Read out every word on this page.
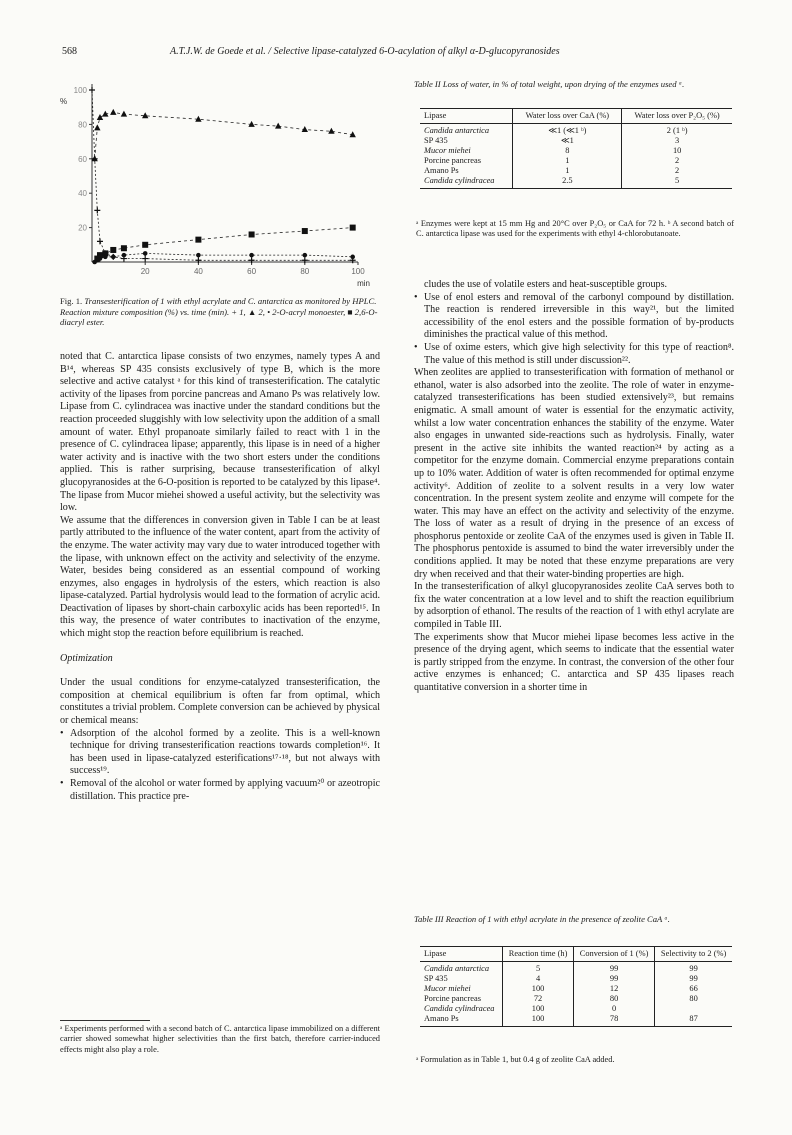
568	A.T.J.W. de Goede et al. / Selective lipase-catalyzed 6-O-acylation of alkyl α-D-glucopyranosides
20	40	60	80	100
20
40
60
80
100
min
%
Fig. 1. Transesterification of 1 with ethyl acrylate and C. antarctica as monitored by HPLC. Reaction mixture composition (%) vs. time (min). + 1, ▲ 2, • 2-O-acryl monoester, ■ 2,6-O-diacryl ester.

noted that C. antarctica lipase consists of two enzymes, namely types A and B¹⁴, whereas SP 435 consists exclusively of type B, which is the more selective and active catalyst ᵃ for this kind of transesterification. The catalytic activity of the lipases from porcine pancreas and Amano Ps was relatively low. Lipase from C. cylindracea was inactive under the standard conditions but the reaction proceeded sluggishly with low selectivity upon the addition of a small amount of water. Ethyl propanoate similarly failed to react with 1 in the presence of C. cylindracea lipase; apparently, this lipase is in need of a higher water activity and is inactive with the two short esters under the conditions applied. This is rather surprising, because transesterification of alkyl glucopyranosides at the 6-O-position is reported to be catalyzed by this lipase⁴. The lipase from Mucor miehei showed a useful activity, but the selectivity was low.

We assume that the differences in conversion given in Table I can be at least partly attributed to the influence of the water content, apart from the activity of the enzyme. The water activity may vary due to water introduced together with the lipase, with unknown effect on the activity and selectivity of the enzyme. Water, besides being considered as an essential compound of working enzymes, also engages in hydrolysis of the esters, which reaction is also lipase-catalyzed. Partial hydrolysis would lead to the formation of acrylic acid. Deactivation of lipases by short-chain carboxylic acids has been reported¹⁵. In this way, the presence of water contributes to inactivation of the enzyme, which might stop the reaction before equilibrium is reached.

Optimization

Under the usual conditions for enzyme-catalyzed transesterification, the composition at chemical equilibrium is often far from optimal, which constitutes a trivial problem. Complete conversion can be achieved by physical or chemical means:

• Adsorption of the alcohol formed by a zeolite. This is a well-known technique for driving transesterification reactions towards completion¹⁶. It has been used in lipase-catalyzed esterifications¹⁷·¹⁸, but not always with success¹⁹.
• Removal of the alcohol or water formed by applying vacuum²⁰ or azeotropic distillation. This practice pre-
ᵃ Experiments performed with a second batch of C. antarctica lipase immobilized on a different carrier showed somewhat higher selectivities than the first batch, therefore carrier-induced effects might also play a role.
Table II Loss of water, in % of total weight, upon drying of the enzymes used ᵃ.
Lipase	Water loss over CaA (%)	Water loss over P₂O₅ (%)
Candida antarctica	≪1 (≪1 ᵇ)	2 (1 ᵇ)
SP 435	≪1	3
Mucor miehei	8	10
Porcine pancreas	1	2
Amano Ps	1	2
Candida cylindracea	2.5	5
ᵃ Enzymes were kept at 15 mm Hg and 20°C over P₂O₅ or CaA for 72 h. ᵇ A second batch of C. antarctica lipase was used for the experiments with ethyl 4-chlorobutanoate.

cludes the use of volatile esters and heat-susceptible groups.

• Use of enol esters and removal of the carbonyl compound by distillation. The reaction is rendered irreversible in this way²¹, but the limited accessibility of the enol esters and the possible formation of by-products diminishes the practical value of this method.
• Use of oxime esters, which give high selectivity for this type of reaction⁸. The value of this method is still under discussion²².

When zeolites are applied to transesterification with formation of methanol or ethanol, water is also adsorbed into the zeolite. The role of water in enzyme-catalyzed transesterifications has been studied extensively²³, but remains enigmatic. A small amount of water is essential for the enzymatic activity, whilst a low water concentration enhances the stability of the enzyme. Water also engages in unwanted side-reactions such as hydrolysis. Finally, water present in the active site inhibits the wanted reaction²⁴ by acting as a competitor for the enzyme domain. Commercial enzyme preparations contain up to 10% water. Addition of water is often recommended for optimal enzyme activity⁶. Addition of zeolite to a solvent results in a very low water concentration. In the present system zeolite and enzyme will compete for the water. This may have an effect on the activity and selectivity of the enzyme. The loss of water as a result of drying in the presence of an excess of phosphorus pentoxide or zeolite CaA of the enzymes used is given in Table II. The phosphorus pentoxide is assumed to bind the water irreversibly under the conditions applied. It may be noted that these enzyme preparations are very dry when received and that their water-binding properties are high.

In the transesterification of alkyl glucopyranosides zeolite CaA serves both to fix the water concentration at a low level and to shift the reaction equilibrium by adsorption of ethanol. The results of the reaction of 1 with ethyl acrylate are compiled in Table III.

The experiments show that Mucor miehei lipase becomes less active in the presence of the drying agent, which seems to indicate that the essential water is partly stripped from the enzyme. In contrast, the conversion of the other four active enzymes is enhanced; C. antarctica and SP 435 lipases reach quantitative conversion in a shorter time in

Table III Reaction of 1 with ethyl acrylate in the presence of zeolite CaA ᵃ.
Lipase	Reaction time (h)	Conversion of 1 (%)	Selectivity to 2 (%)
Candida antarctica	5	99	99
SP 435	4	99	99
Mucor miehei	100	12	66
Porcine pancreas	72	80	80
Candida cylindracea	100	0	
Amano Ps	100	78	87
ᵃ Formulation as in Table 1, but 0.4 g of zeolite CaA added.
